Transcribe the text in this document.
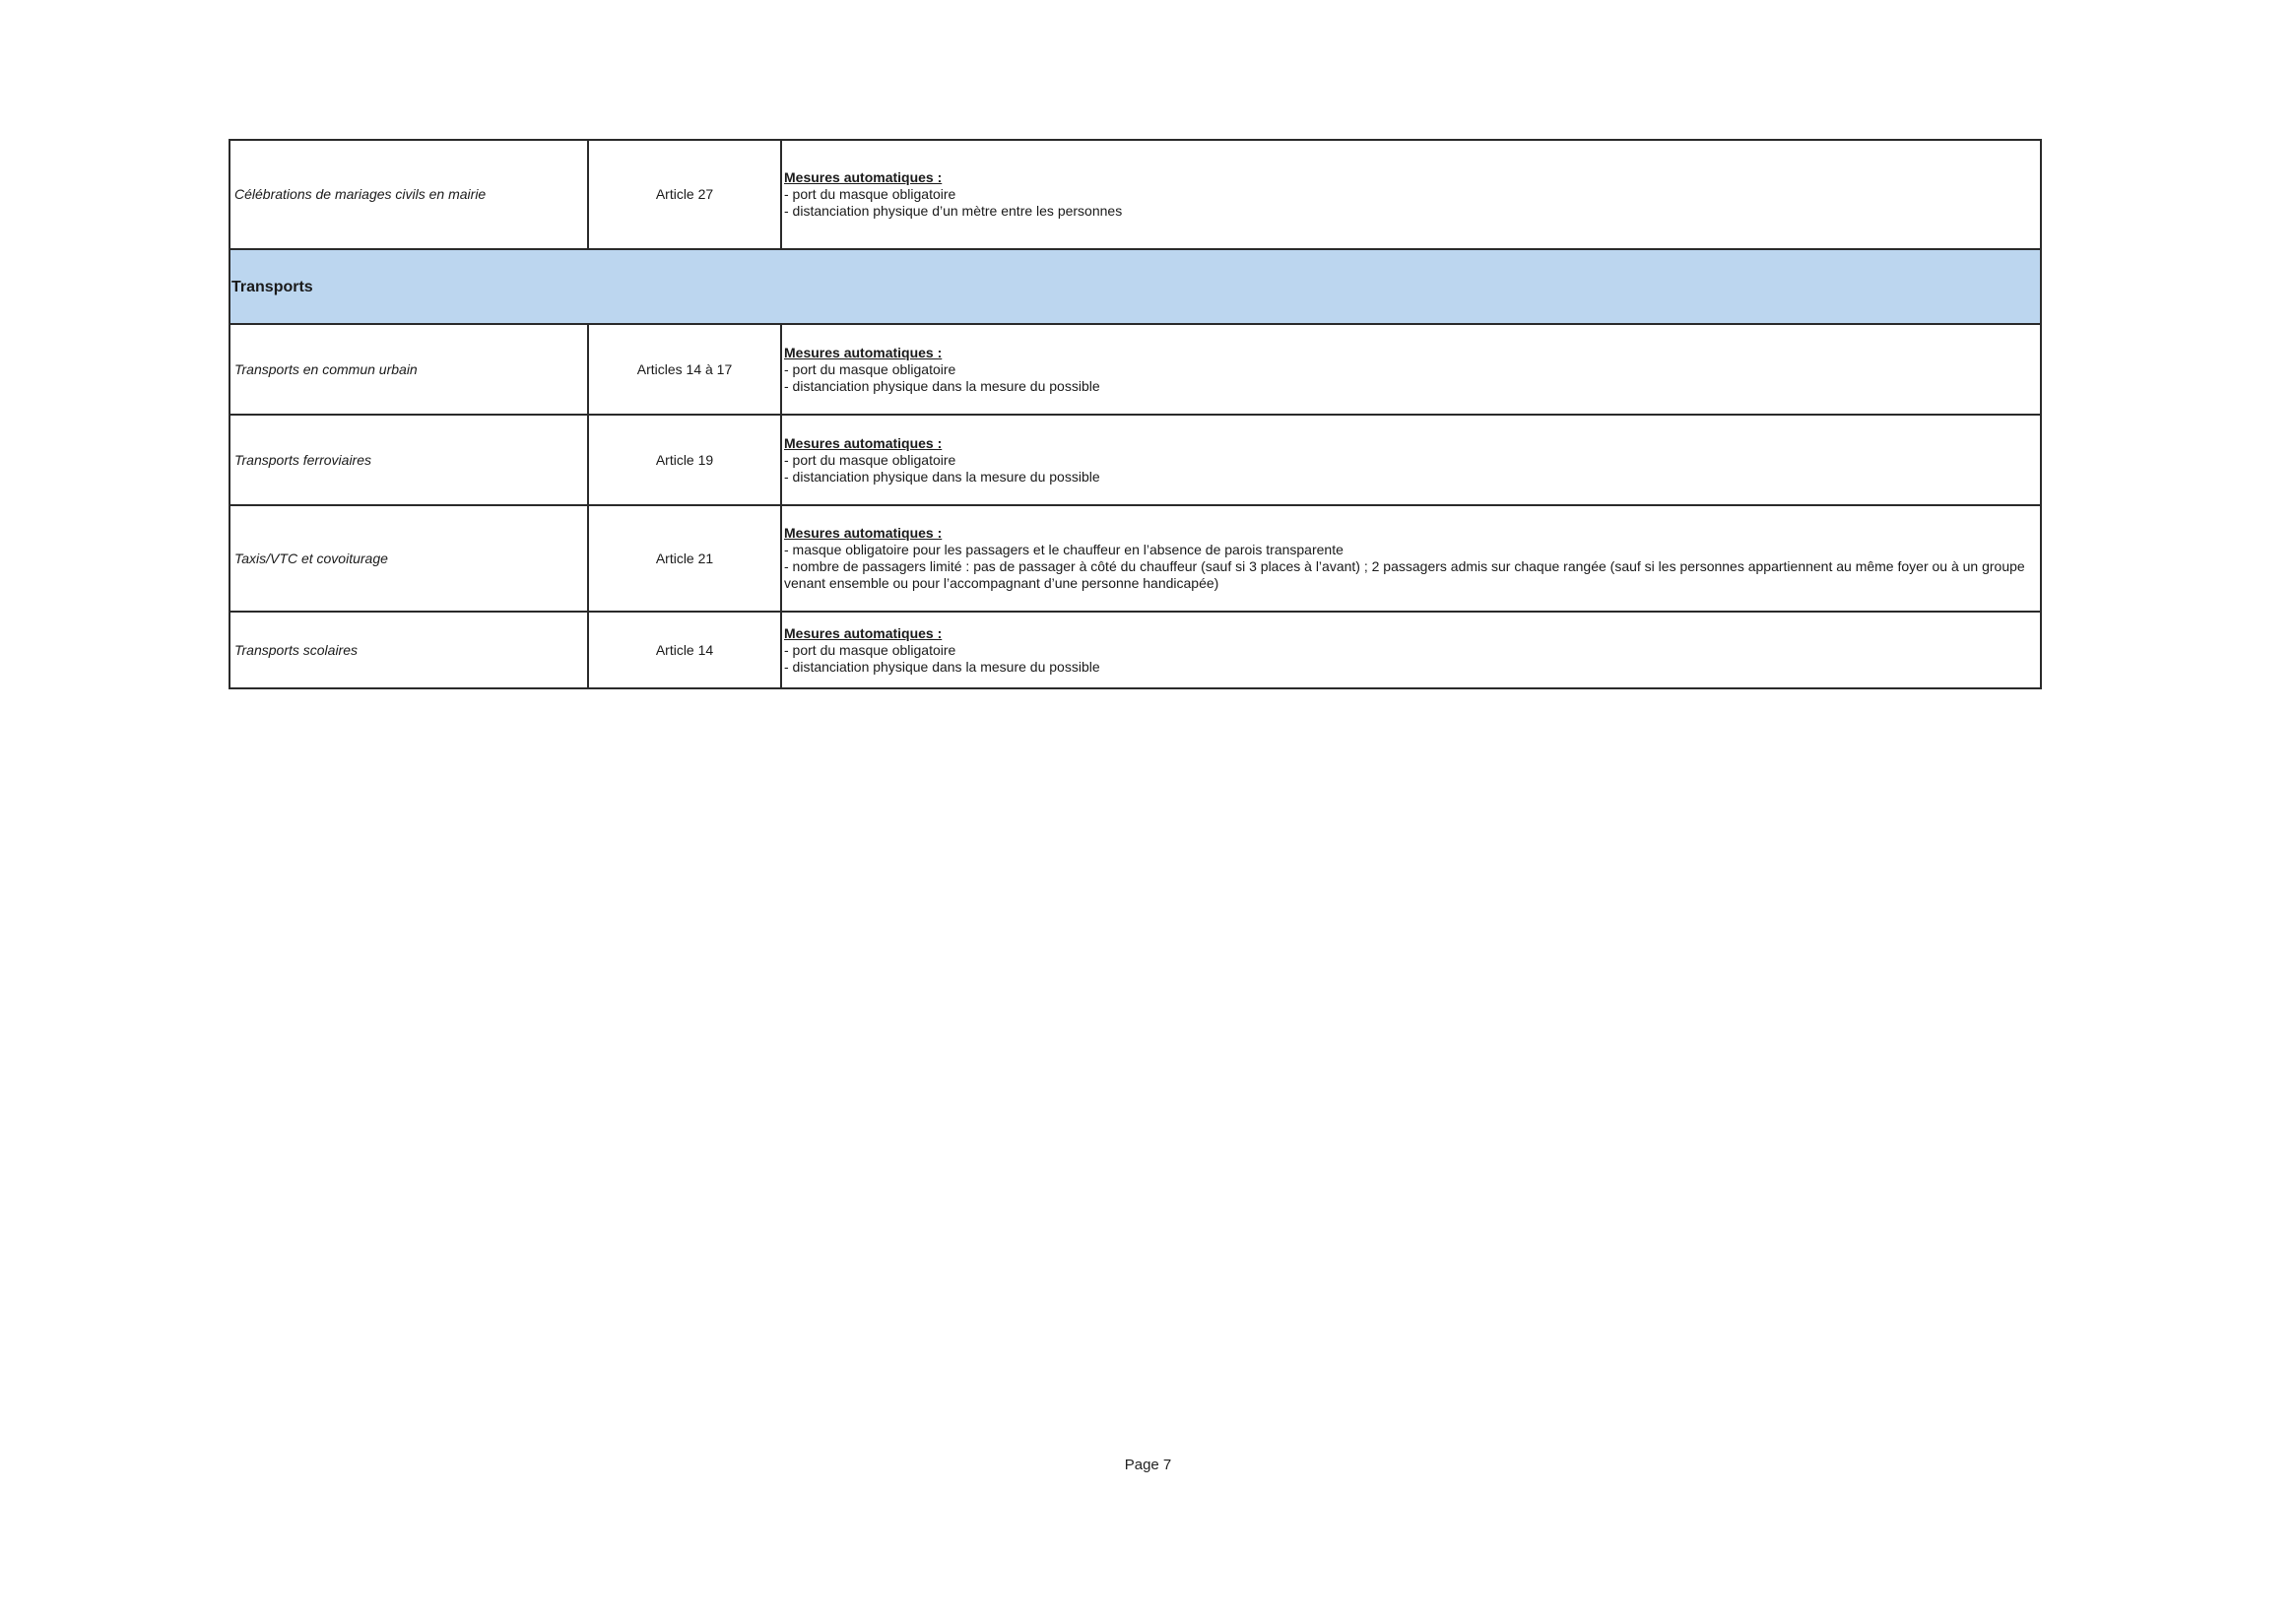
Célébrations de mariages civils en mairie	Article 27	Mesures automatiques :
- port du masque obligatoire
- distanciation physique d’un mètre entre les personnes

Transports		
Transports en commun urbain	Articles 14 à 17	Mesures automatiques :
- port du masque obligatoire
- distanciation physique dans la mesure du possible

Transports ferroviaires	Article 19	Mesures automatiques :
- port du masque obligatoire
- distanciation physique dans la mesure du possible

Taxis/VTC et covoiturage	Article 21	Mesures automatiques :
- masque obligatoire pour les passagers et le chauffeur en l’absence de parois transparente
- nombre de passagers limité : pas de passager à côté du chauffeur (sauf si 3 places à l’avant) ; 2 passagers admis sur chaque rangée (sauf si les personnes appartiennent au même foyer ou à un groupe venant ensemble ou pour l’accompagnant d’une personne handicapée)

Transports scolaires	Article 14	Mesures automatiques :
- port du masque obligatoire
- distanciation physique dans la mesure du possible
Page 7
